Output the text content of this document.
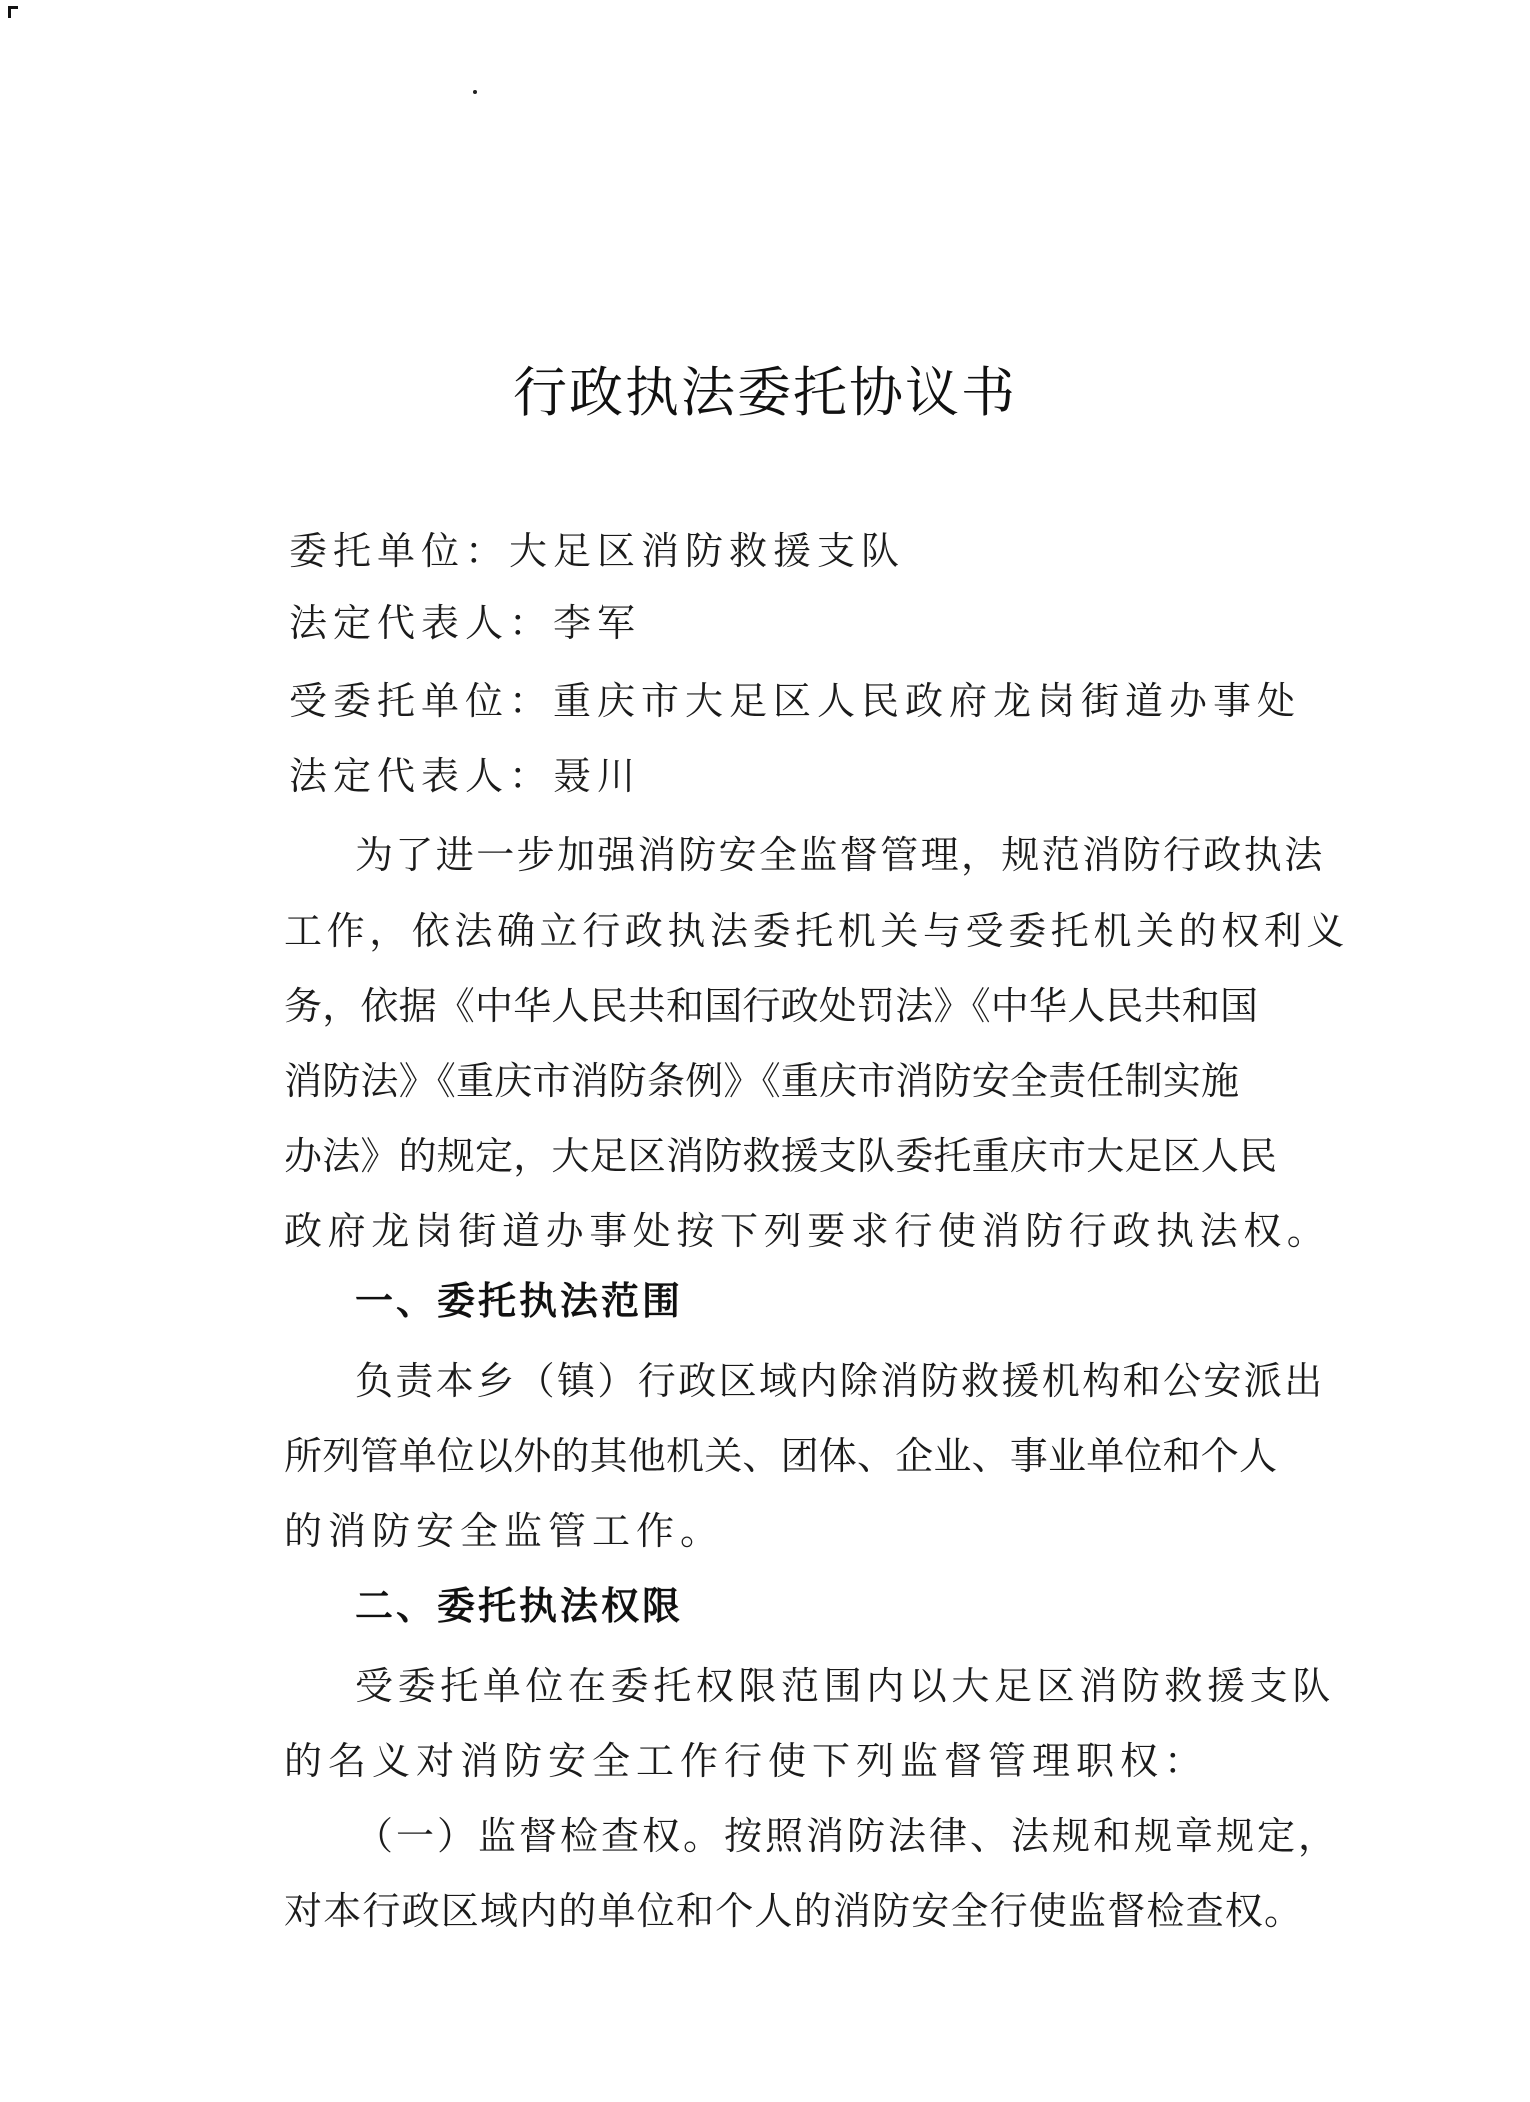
行政执法委托协议书
委托单位：大足区消防救援支队
法定代表人：李军
受委托单位：重庆市大足区人民政府龙岗街道办事处
法定代表人：聂川
为了进一步加强消防安全监督管理，规范消防行政执法
工作，依法确立行政执法委托机关与受委托机关的权利义
务，依据《中华人民共和国行政处罚法》《中华人民共和国
消防法》《重庆市消防条例》《重庆市消防安全责任制实施
办法》的规定，大足区消防救援支队委托重庆市大足区人民
政府龙岗街道办事处按下列要求行使消防行政执法权。
一、委托执法范围
负责本乡（镇）行政区域内除消防救援机构和公安派出
所列管单位以外的其他机关、团体、企业、事业单位和个人
的消防安全监管工作。
二、委托执法权限
受委托单位在委托权限范围内以大足区消防救援支队
的名义对消防安全工作行使下列监督管理职权：
（一）监督检查权。按照消防法律、法规和规章规定，
对本行政区域内的单位和个人的消防安全行使监督检查权。
